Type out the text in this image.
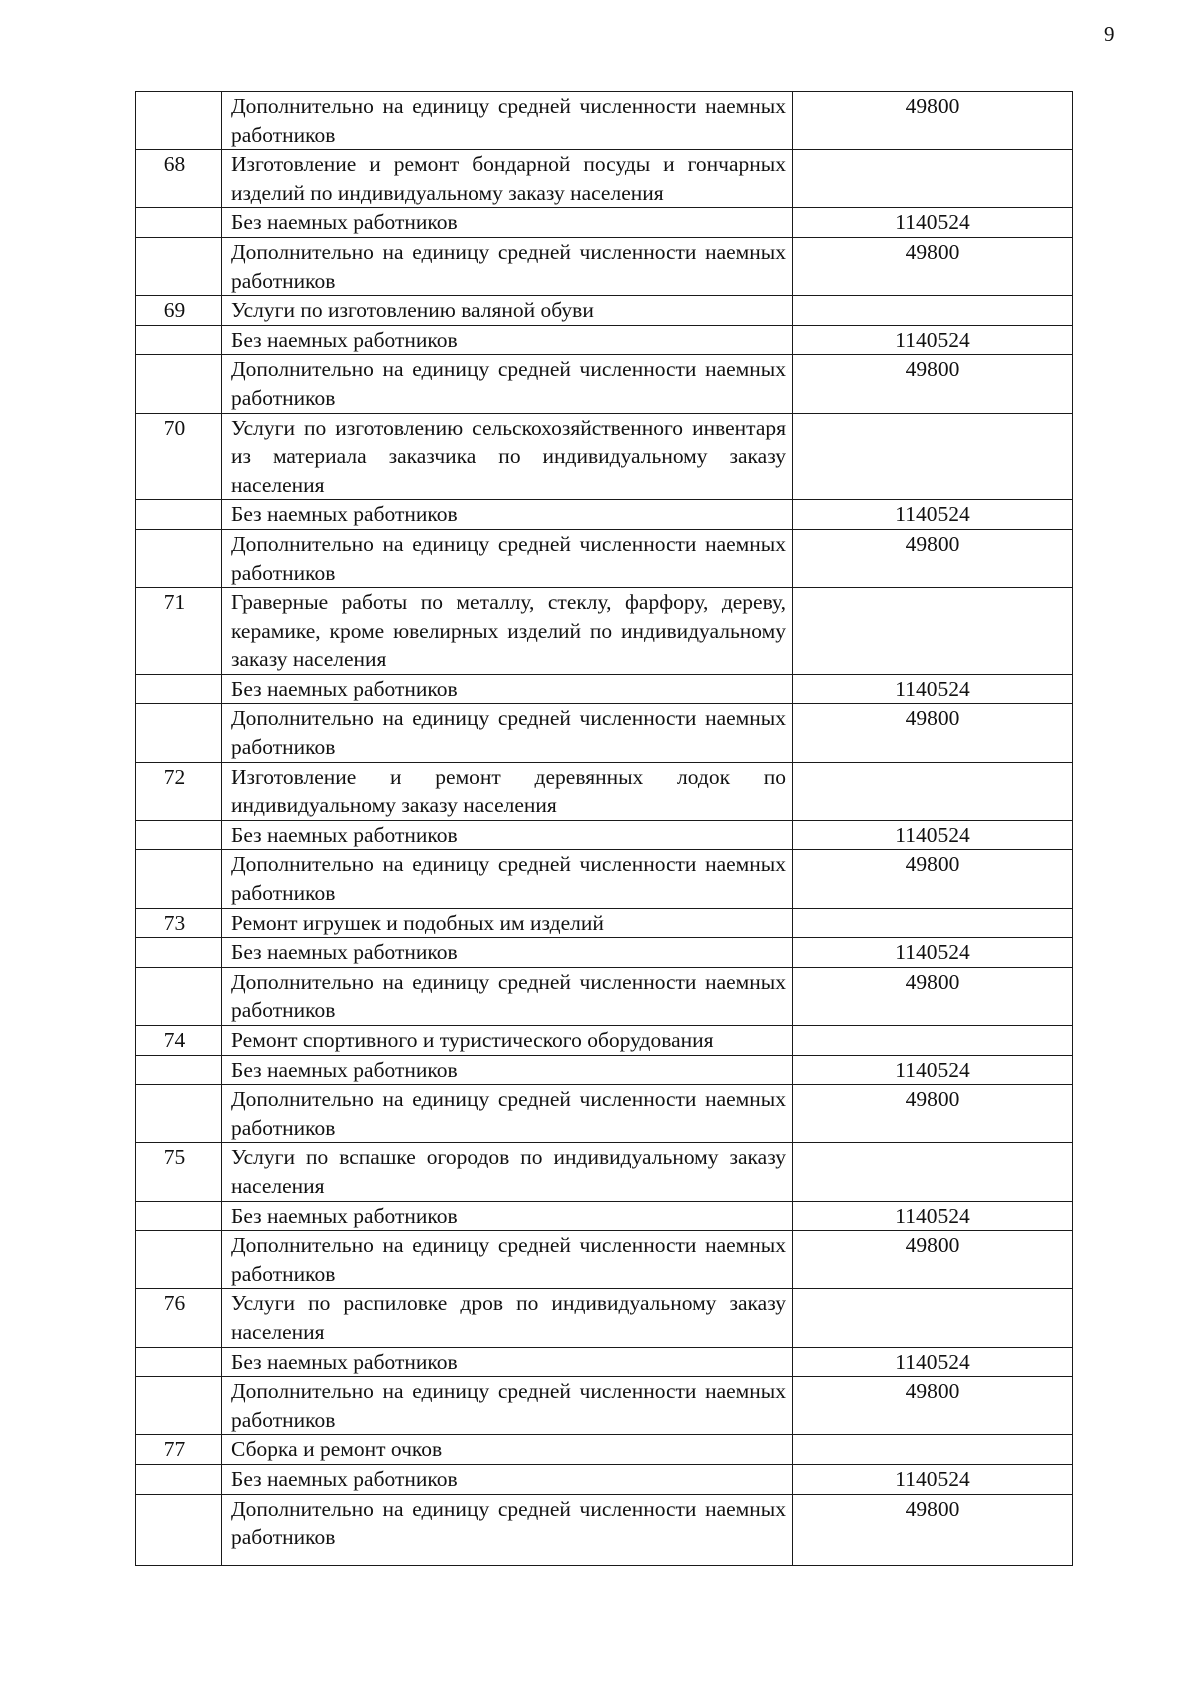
9
	Дополнительно на единицу средней численности наемных работников	49800
68	Изготовление и ремонт бондарной посуды и гончарных изделий по индивидуальному заказу населения	
	Без наемных работников	1140524
	Дополнительно на единицу средней численности наемных работников	49800
69	Услуги по изготовлению валяной обуви	
	Без наемных работников	1140524
	Дополнительно на единицу средней численности наемных работников	49800
70	Услуги по изготовлению сельскохозяйственного инвентаря из материала заказчика по индивидуальному заказу населения	
	Без наемных работников	1140524
	Дополнительно на единицу средней численности наемных работников	49800
71	Граверные работы по металлу, стеклу, фарфору, дереву, керамике, кроме ювелирных изделий по индивидуальному заказу населения	
	Без наемных работников	1140524
	Дополнительно на единицу средней численности наемных работников	49800
72	Изготовление и ремонт деревянных лодок по индивидуальному заказу населения	
	Без наемных работников	1140524
	Дополнительно на единицу средней численности наемных работников	49800
73	Ремонт игрушек и подобных им изделий	
	Без наемных работников	1140524
	Дополнительно на единицу средней численности наемных работников	49800
74	Ремонт спортивного и туристического оборудования	
	Без наемных работников	1140524
	Дополнительно на единицу средней численности наемных работников	49800
75	Услуги по вспашке огородов по индивидуальному заказу населения	
	Без наемных работников	1140524
	Дополнительно на единицу средней численности наемных работников	49800
76	Услуги по распиловке дров по индивидуальному заказу населения	
	Без наемных работников	1140524
	Дополнительно на единицу средней численности наемных работников	49800
77	Сборка и ремонт очков	
	Без наемных работников	1140524
	Дополнительно на единицу средней численности наемных работников	49800
